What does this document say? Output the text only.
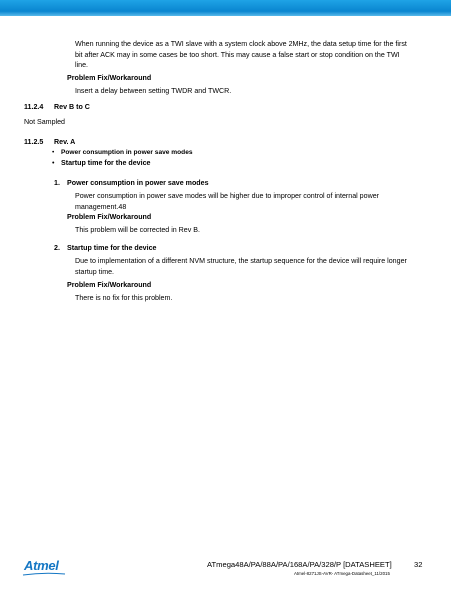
When running the device as a TWI slave with a system clock above 2MHz, the data setup time for the first
bit after ACK may in some cases be too short. This may cause a false start or stop condition on the TWI
line.
Problem Fix/Workaround
Insert a delay between setting TWDR and TWCR.
11.2.4 Rev B to C
Not Sampled
11.2.5 Rev. A
• Power consumption in power save modes
• Startup time for the device
1. Power consumption in power save modes
Power consumption in power save modes will be higher due to improper control of internal power
management.48
Problem Fix/Workaround
This problem will be corrected in Rev B.
2. Startup time for the device
Due to implementation of a different NVM structure, the startup sequence for the device will require longer
startup time.
Problem Fix/Workaround
There is no fix for this problem.
Atmel	ATmega48A/PA/88A/PA/168A/PA/328/P [DATASHEET]	32
Atmel-8271JS-AVR- ATmega-Datasheet_11/2015
